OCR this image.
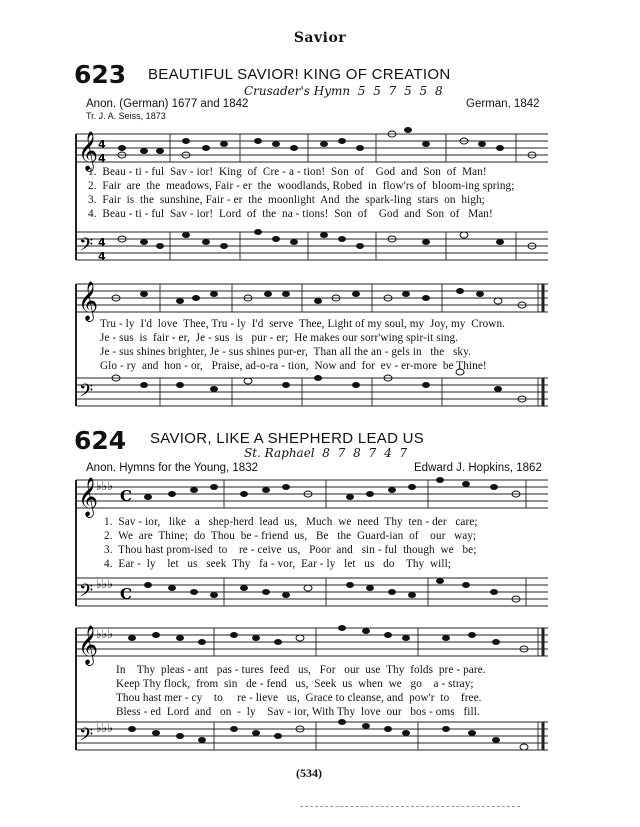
Savior
623 BEAUTIFUL SAVIOR! KING OF CREATION
Crusader's Hymn 5 5 7 5 5 8
Anon. (German) 1677 and 1842
Tr. J. A. Seiss, 1873
German, 1842
𝄞
𝄢
4
4
4
4
1.  Beau - ti - ful  Sav - ior!  King  of  Cre - a - tion!  Son  of    God  and  Son  of  Man!
2.  Fair  are  the  meadows, Fair - er  the  woodlands, Robed  in  flow'rs of  bloom-ing spring;
3.  Fair  is  the  sunshine, Fair - er  the  moonlight  And  the  spark-ling  stars  on  high;
4.  Beau - ti - ful  Sav - ior!  Lord  of  the  na - tions!  Son  of    God  and  Son  of   Man!
𝄞
𝄢
Tru - ly  I'd  love  Thee, Tru - ly  I'd  serve  Thee, Light of my soul, my  Joy, my  Crown.
Je - sus  is  fair - er,  Je - sus  is   pur - er;  He makes our sorr'wing spir-it sing.
Je - sus shines brighter, Je - sus shines pur-er,  Than all the an - gels in   the   sky.
Glo - ry  and  hon - or,   Praise, ad-o-ra - tion,  Now and  for  ev - er-more  be Thine!
624 SAVIOR, LIKE A SHEPHERD LEAD US
St. Raphael 8 7 8 7 4 7
Anon. Hymns for the Young, 1832	Edward J. Hopkins, 1862
𝄞
𝄢
♭♭♭
♭♭♭
C
C
1.  Sav - ior,   like   a   shep-herd  lead  us,   Much  we  need  Thy  ten - der   care;
2.  We  are  Thine;  do  Thou  be - friend  us,   Be   the  Guard-ian  of    our   way;
3.  Thou hast prom-ised  to    re - ceive  us,   Poor  and   sin - ful  though  we   be;
4.  Ear -  ly    let   us   seek  Thy   fa - vor,  Ear - ly   let   us   do    Thy  will;
𝄞
𝄢
♭♭♭
♭♭♭
In    Thy  pleas - ant   pas - tures  feed   us,   For   our  use  Thy  folds  pre - pare.
Keep Thy flock,  from  sin   de - fend   us,  Seek  us  when  we   go    a - stray;
Thou hast mer - cy    to     re - lieve   us,  Grace to cleanse, and  pow'r  to    free.
Bless - ed  Lord  and   on  -  ly    Sav - ior, With Thy  love  our   bos - oms   fill.
(534)
